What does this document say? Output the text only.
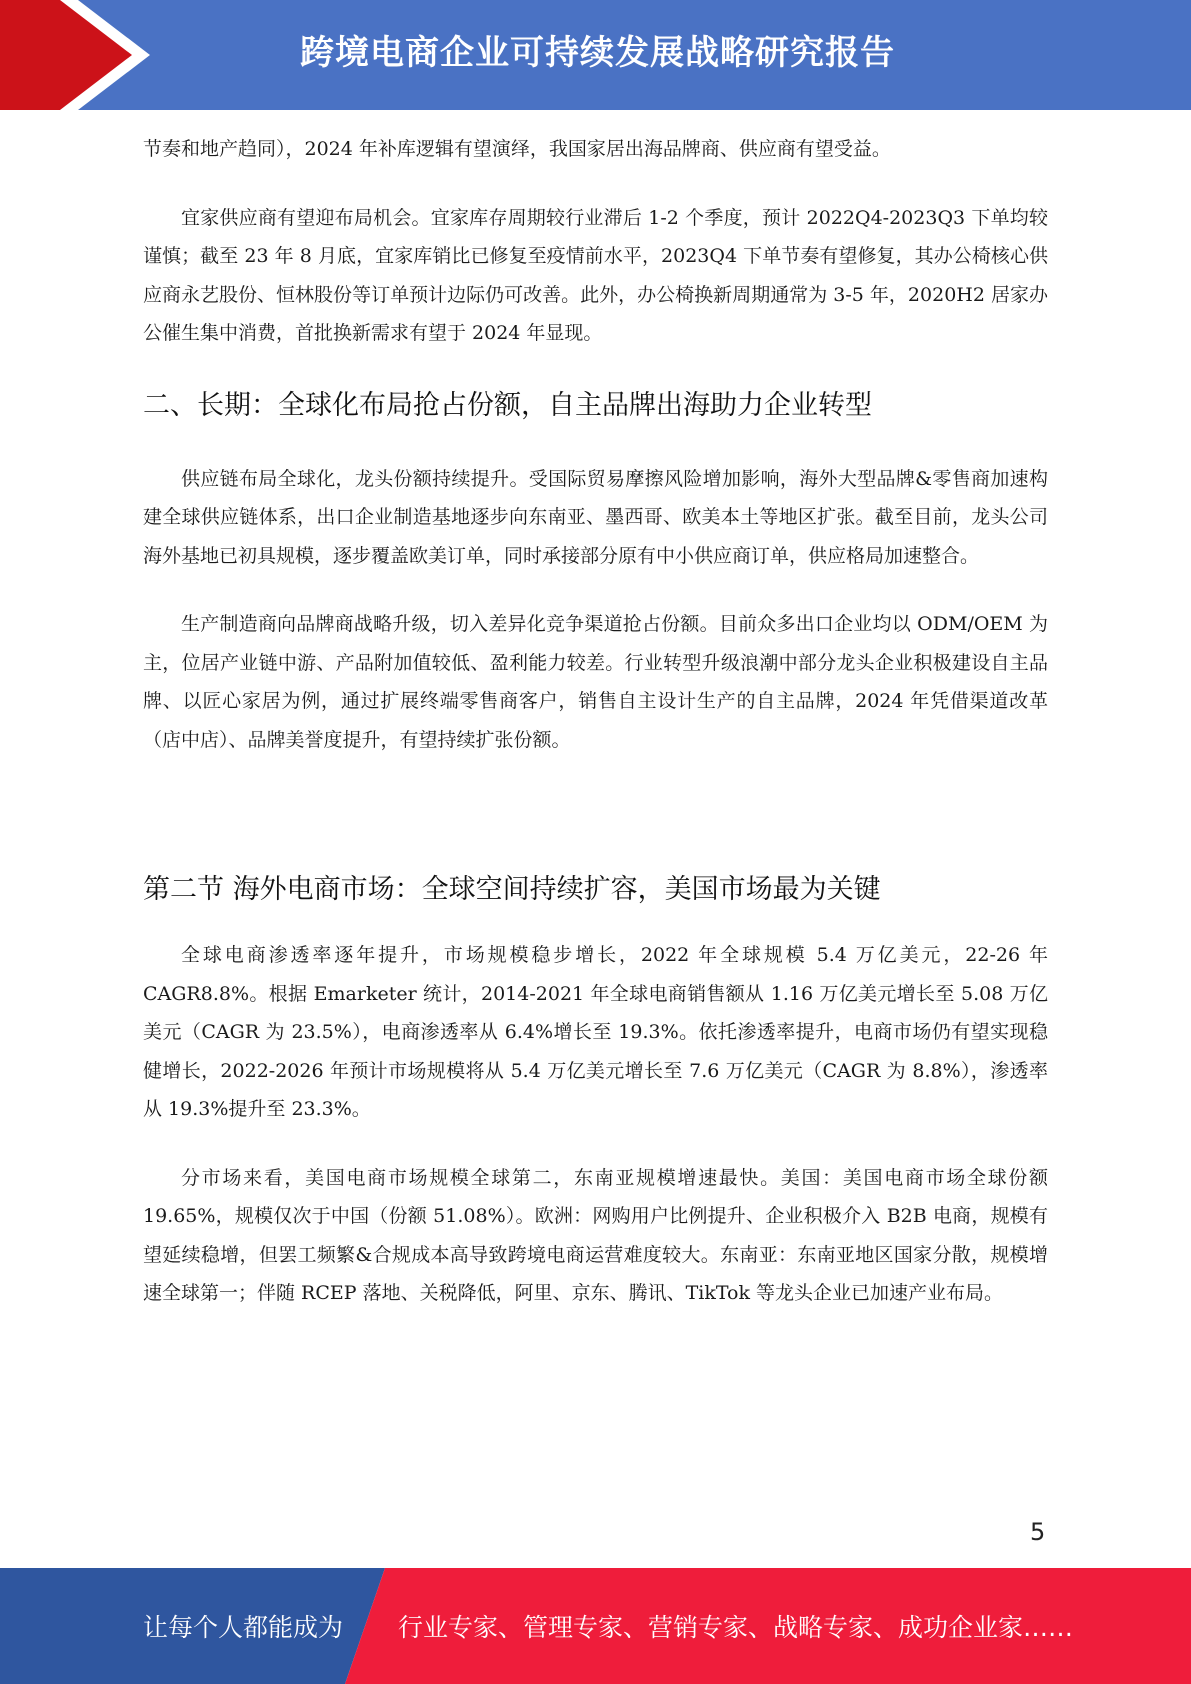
跨境电商企业可持续发展战略研究报告

节奏和地产趋同），2024 年补库逻辑有望演绎，我国家居出海品牌商、供应商有望受益。

宜家供应商有望迎布局机会。宜家库存周期较行业滞后 1-2 个季度，预计 2022Q4-2023Q3 下单均较谨慎；截至 23 年 8 月底，宜家库销比已修复至疫情前水平，2023Q4 下单节奏有望修复，其办公椅核心供应商永艺股份、恒林股份等订单预计边际仍可改善。此外，办公椅换新周期通常为 3-5 年，2020H2 居家办公催生集中消费，首批换新需求有望于 2024 年显现。

二、长期：全球化布局抢占份额，自主品牌出海助力企业转型

供应链布局全球化，龙头份额持续提升。受国际贸易摩擦风险增加影响，海外大型品牌&零售商加速构建全球供应链体系，出口企业制造基地逐步向东南亚、墨西哥、欧美本土等地区扩张。截至目前，龙头公司海外基地已初具规模，逐步覆盖欧美订单，同时承接部分原有中小供应商订单，供应格局加速整合。

生产制造商向品牌商战略升级，切入差异化竞争渠道抢占份额。目前众多出口企业均以 ODM/OEM 为主，位居产业链中游、产品附加值较低、盈利能力较差。行业转型升级浪潮中部分龙头企业积极建设自主品牌、以匠心家居为例，通过扩展终端零售商客户，销售自主设计生产的自主品牌，2024 年凭借渠道改革（店中店）、品牌美誉度提升，有望持续扩张份额。

第二节 海外电商市场：全球空间持续扩容，美国市场最为关键

全球电商渗透率逐年提升，市场规模稳步增长，2022 年全球规模 5.4 万亿美元，22-26 年 CAGR8.8%。根据 Emarketer 统计，2014-2021 年全球电商销售额从 1.16 万亿美元增长至 5.08 万亿美元（CAGR 为 23.5%），电商渗透率从 6.4%增长至 19.3%。依托渗透率提升，电商市场仍有望实现稳健增长，2022-2026 年预计市场规模将从 5.4 万亿美元增长至 7.6 万亿美元（CAGR 为 8.8%），渗透率从 19.3%提升至 23.3%。

分市场来看，美国电商市场规模全球第二，东南亚规模增速最快。美国：美国电商市场全球份额 19.65%，规模仅次于中国（份额 51.08%）。欧洲：网购用户比例提升、企业积极介入 B2B 电商，规模有望延续稳增，但罢工频繁&合规成本高导致跨境电商运营难度较大。东南亚：东南亚地区国家分散，规模增速全球第一；伴随 RCEP 落地、关税降低，阿里、京东、腾讯、TikTok 等龙头企业已加速产业布局。

5
让每个人都能成为 行业专家、管理专家、营销专家、战略专家、成功企业家……
